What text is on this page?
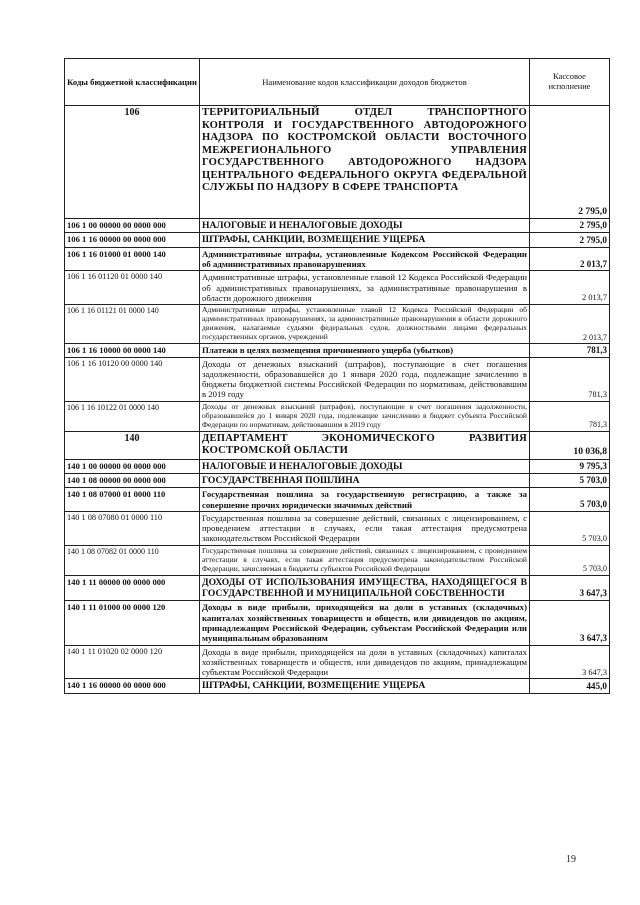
Коды бюджетной классификации	Наименование кодов классификации доходов бюджетов	Кассовое исполнение
106	ТЕРРИТОРИАЛЬНЫЙ ОТДЕЛ ТРАНСПОРТНОГО КОНТРОЛЯ И ГОСУДАРСТВЕННОГО АВТОДОРОЖНОГО НАДЗОРА ПО КОСТРОМСКОЙ ОБЛАСТИ ВОСТОЧНОГО МЕЖРЕГИОНАЛЬНОГО УПРАВЛЕНИЯ ГОСУДАРСТВЕННОГО АВТОДОРОЖНОГО НАДЗОРА ЦЕНТРАЛЬНОГО ФЕДЕРАЛЬНОГО ОКРУГА ФЕДЕРАЛЬНОЙ СЛУЖБЫ ПО НАДЗОРУ В СФЕРЕ ТРАНСПОРТА	2 795,0
106 1 00 00000 00 0000 000	НАЛОГОВЫЕ И НЕНАЛОГОВЫЕ ДОХОДЫ	2 795,0
106 1 16 00000 00 0000 000	ШТРАФЫ, САНКЦИИ, ВОЗМЕЩЕНИЕ УЩЕРБА	2 795,0
106 1 16 01000 01 0000 140	Административные штрафы, установленные Кодексом Российской Федерации об административных правонарушениях	2 013,7
106 1 16 01120 01 0000 140	Административные штрафы, установленные главой 12 Кодекса Российской Федерации об административных правонарушениях, за административные правонарушения в области дорожного движения	2 013,7
106 1 16 01121 01 0000 140	Административные штрафы, установленные главой 12 Кодекса Российской Федерации об административных правонарушениях, за административные правонарушения в области дорожного движения, налагаемые судьями федеральных судов, должностными лицами федеральных государственных органов, учреждений	2 013,7
106 1 16 10000 00 0000 140	Платежи в целях возмещения причиненного ущерба (убытков)	781,3
106 1 16 10120 00 0000 140	Доходы от денежных взысканий (штрафов), поступающие в счет погашения задолженности, образовавшейся до 1 января 2020 года, подлежащие зачислению в бюджеты бюджетной системы Российской Федерации по нормативам, действовавшим в 2019 году	781,3
106 1 16 10122 01 0000 140	Доходы от денежных взысканий (штрафов), поступающие в счет погашения задолженности, образовавшейся до 1 января 2020 года, подлежащие зачислению в бюджет субъекта Российской Федерации по нормативам, действовавшим в 2019 году	781,3
140	ДЕПАРТАМЕНТ ЭКОНОМИЧЕСКОГО РАЗВИТИЯ КОСТРОМСКОЙ ОБЛАСТИ	10 036,8
140 1 00 00000 00 0000 000	НАЛОГОВЫЕ И НЕНАЛОГОВЫЕ ДОХОДЫ	9 795,3
140 1 08 00000 00 0000 000	ГОСУДАРСТВЕННАЯ ПОШЛИНА	5 703,0
140 1 08 07000 01 0000 110	Государственная пошлина за государственную регистрацию, а также за совершение прочих юридически значимых действий	5 703,0
140 1 08 07080 01 0000 110	Государственная пошлина за совершение действий, связанных с лицензированием, с проведением аттестации в случаях, если такая аттестация предусмотрена законодательством Российской Федерации	5 703,0
140 1 08 07082 01 0000 110	Государственная пошлина за совершение действий, связанных с лицензированием, с проведением аттестации в случаях, если такая аттестация предусмотрена законодательством Российской Федерации, зачисляемая в бюджеты субъектов Российской Федерации	5 703,0
140 1 11 00000 00 0000 000	ДОХОДЫ ОТ ИСПОЛЬЗОВАНИЯ ИМУЩЕСТВА, НАХОДЯЩЕГОСЯ В ГОСУДАРСТВЕННОЙ И МУНИЦИПАЛЬНОЙ СОБСТВЕННОСТИ	3 647,3
140 1 11 01000 00 0000 120	Доходы в виде прибыли, приходящейся на доли в уставных (складочных) капиталах хозяйственных товариществ и обществ, или дивидендов по акциям, принадлежащим Российской Федерации, субъектам Российской Федерации или муниципальным образованиям	3 647,3
140 1 11 01020 02 0000 120	Доходы в виде прибыли, приходящейся на доли в уставных (складочных) капиталах хозяйственных товариществ и обществ, или дивидендов по акциям, принадлежащим субъектам Российской Федерации	3 647,3
140 1 16 00000 00 0000 000	ШТРАФЫ, САНКЦИИ, ВОЗМЕЩЕНИЕ УЩЕРБА	445,0
19
